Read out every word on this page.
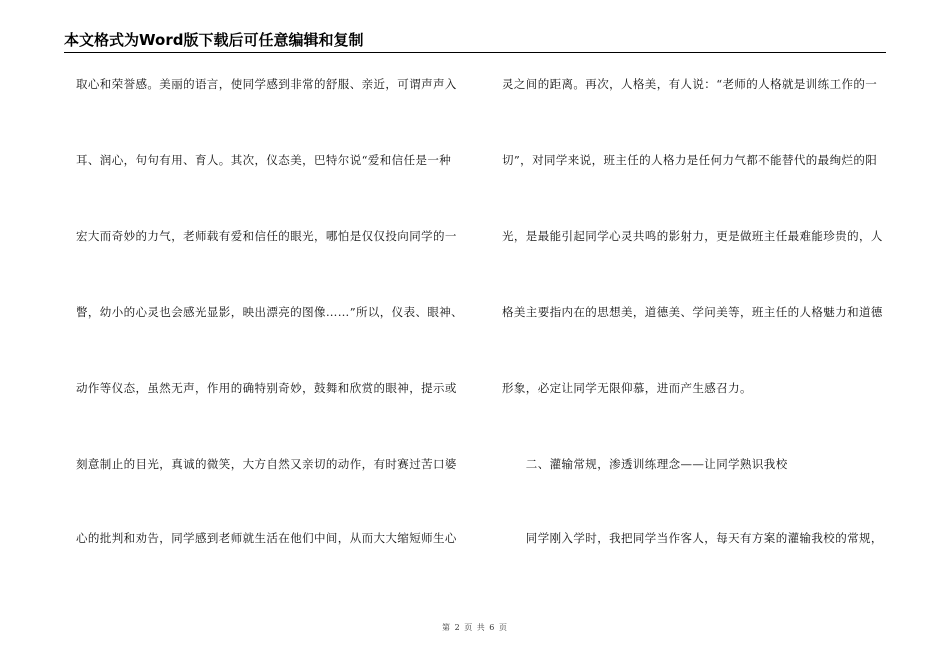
本文格式为Word版下载后可任意编辑和复制
取心和荣誉感。美丽的语言，使同学感到非常的舒服、亲近，可谓声声入
耳、润心，句句有用、育人。其次，仪态美，巴特尔说“爱和信任是一种
宏大而奇妙的力气，老师载有爱和信任的眼光，哪怕是仅仅投向同学的一
瞥，幼小的心灵也会感光显影，映出漂亮的图像……”所以，仪表、眼神、
动作等仪态，虽然无声，作用的确特别奇妙，鼓舞和欣赏的眼神，提示或
刻意制止的目光，真诚的微笑，大方自然又亲切的动作，有时赛过苦口婆
心的批判和劝告，同学感到老师就生活在他们中间，从而大大缩短师生心
灵之间的距离。再次，人格美，有人说：“老师的人格就是训练工作的一
切”，对同学来说，班主任的人格力是任何力气都不能替代的最绚烂的阳
光，是最能引起同学心灵共鸣的影射力，更是做班主任最难能珍贵的，人
格美主要指内在的思想美，道德美、学问美等，班主任的人格魅力和道德
形象，必定让同学无限仰慕，进而产生感召力。
　　二、灌输常规，渗透训练理念——让同学熟识我校
　　同学刚入学时，我把同学当作客人，每天有方案的灌输我校的常规，
第 2 页 共 6 页
